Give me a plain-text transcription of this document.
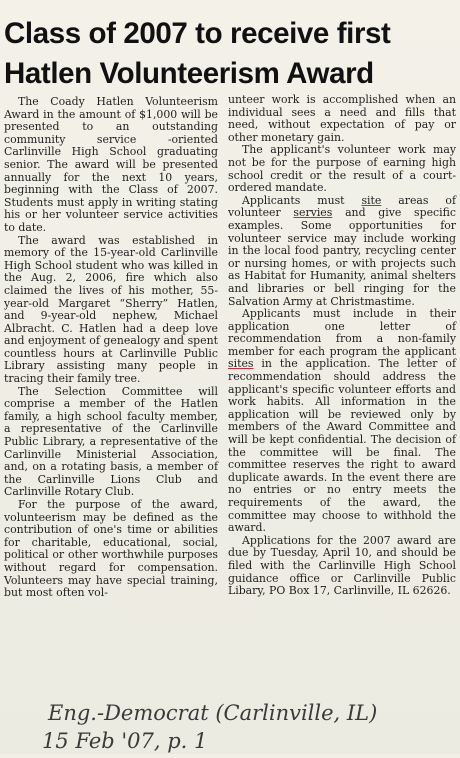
Class of 2007 to receive first
Hatlen Volunteerism Award

The Coady Hatlen Volunteerism Award in the amount of $1,000 will be presented to an outstanding community service -oriented Carlinville High School graduating senior. The award will be presented annually for the next 10 years, beginning with the Class of 2007. Students must apply in writing stating his or her volunteer service activities to date.

The award was established in memory of the 15-year-old Carlinville High School student who was killed in the Aug. 2, 2006, fire which also claimed the lives of his mother, 55-year-old Margaret “Sherry” Hatlen, and 9-year-old nephew, Michael Albracht. C. Hatlen had a deep love and enjoyment of genealogy and spent countless hours at Carlinville Public Library assisting many people in tracing their family tree.

The Selection Committee will comprise a member of the Hatlen family, a high school faculty member, a representative of the Carlinville Public Library, a representative of the Carlinville Ministerial Association, and, on a rotating basis, a member of the Carlinville Lions Club and Carlinville Rotary Club.

For the purpose of the award, volunteerism may be defined as the contribution of one's time or abilities for charitable, educational, social, political or other worthwhile purposes without regard for compensation. Volunteers may have special training, but most often vol-

unteer work is accomplished when an individual sees a need and fills that need, without expectation of pay or other monetary gain.

The applicant's volunteer work may not be for the purpose of earning high school credit or the result of a court-ordered mandate.

Applicants must site areas of volunteer servies and give specific examples. Some opportunities for volunteer service may include working in the local food pantry, recycling center or nursing homes, or with projects such as Habitat for Humanity, animal shelters and libraries or bell ringing for the Salvation Army at Christmastime.

Applicants must include in their application one letter of recommendation from a non-family member for each program the applicant sites in the application. The letter of recommendation should address the applicant's specific volunteer efforts and work habits. All information in the application will be reviewed only by members of the Award Committee and will be kept confidential. The decision of the committee will be final. The committee reserves the right to award duplicate awards. In the event there are no entries or no entry meets the requirements of the award, the committee may choose to withhold the award.

Applications for the 2007 award are due by Tuesday, April 10, and should be filed with the Carlinville High School guidance office or Carlinville Public Libary, PO Box 17, Carlinville, IL 62626.

Eng.-Democrat (Carlinville, IL)
15 Feb '07, p. 1
